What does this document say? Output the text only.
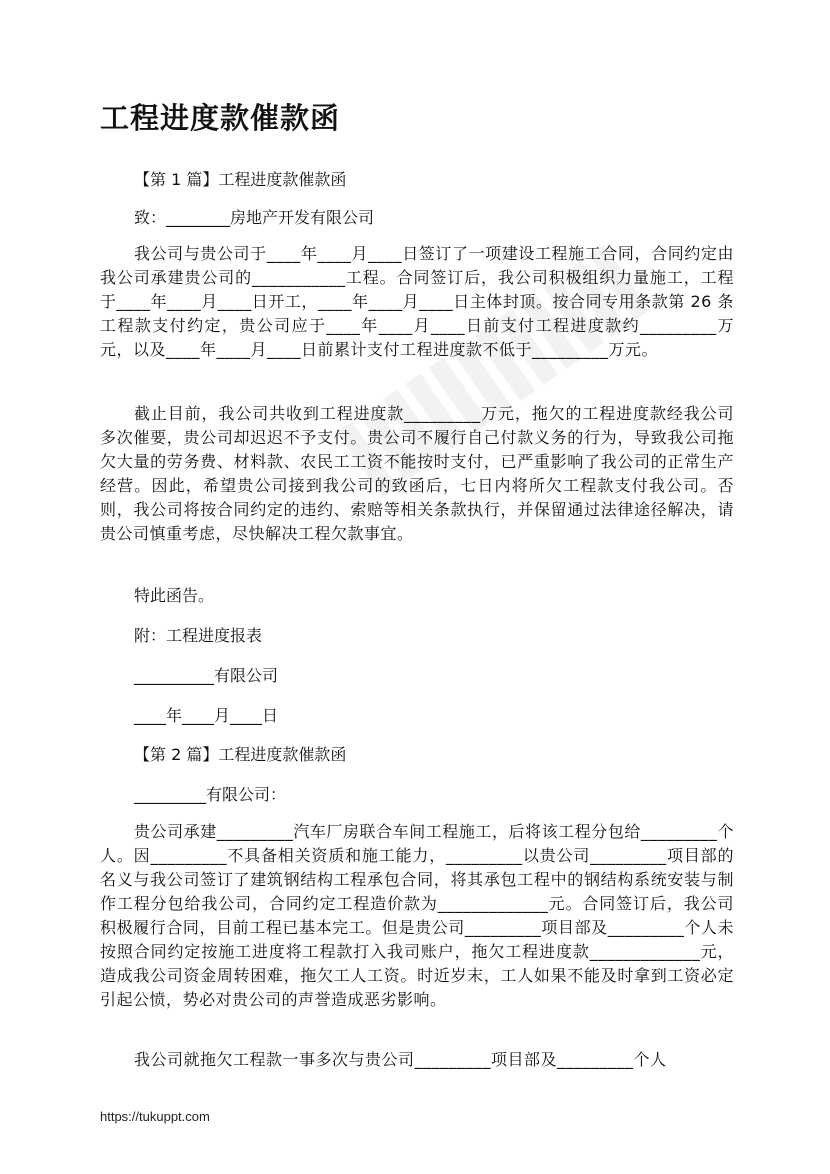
工程进度款催款函
【第 1 篇】工程进度款催款函
致：________房地产开发有限公司

我公司与贵公司于____年____月____日签订了一项建设工程施工合同，合同约定由我公司承建贵公司的___________工程。合同签订后，我公司积极组织力量施工，工程于____年____月____日开工，____年____月____日主体封顶。按合同专用条款第 26 条工程款支付约定，贵公司应于____年____月____日前支付工程进度款约_________万元，以及____年____月____日前累计支付工程进度款不低于_________万元。

截止目前，我公司共收到工程进度款_________万元，拖欠的工程进度款经我公司多次催要，贵公司却迟迟不予支付。贵公司不履行自己付款义务的行为，导致我公司拖欠大量的劳务费、材料款、农民工工资不能按时支付，已严重影响了我公司的正常生产经营。因此，希望贵公司接到我公司的致函后，七日内将所欠工程款支付我公司。否则，我公司将按合同约定的违约、索赔等相关条款执行，并保留通过法律途径解决，请贵公司慎重考虑，尽快解决工程欠款事宜。

特此函告。
附：工程进度报表
__________有限公司
____年____月____日
【第 2 篇】工程进度款催款函
_________有限公司：

贵公司承建_________汽车厂房联合车间工程施工，后将该工程分包给_________个人。因_________不具备相关资质和施工能力，_________以贵公司_________项目部的名义与我公司签订了建筑钢结构工程承包合同，将其承包工程中的钢结构系统安装与制作工程分包给我公司，合同约定工程造价款为_____________元。合同签订后，我公司积极履行合同，目前工程已基本完工。但是贵公司_________项目部及_________个人未按照合同约定按施工进度将工程款打入我司账户，拖欠工程进度款_____________元，造成我公司资金周转困难，拖欠工人工资。时近岁末，工人如果不能及时拿到工资必定引起公愤，势必对贵公司的声誉造成恶劣影响。

我公司就拖欠工程款一事多次与贵公司_________项目部及_________个人

https://tukuppt.com
